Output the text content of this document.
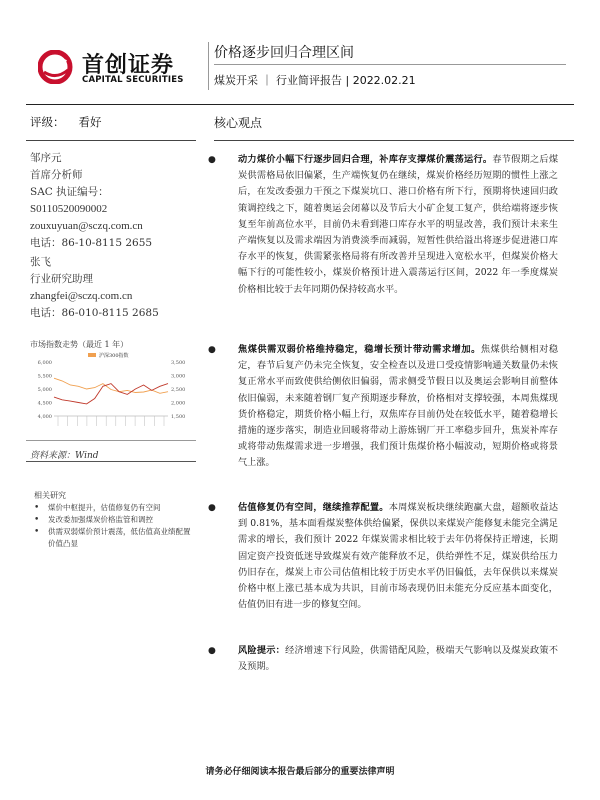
首创证券
CAPITAL SECURITIES
价格逐步回归合理区间
煤炭开采 ｜ 行业简评报告 | 2022.02.21
评级： 看好
邹序元
首席分析师
SAC 执证编号：
S0110520090002
zouxuyuan@sczq.com.cn
电话：86-10-8115 2655
张飞
行业研究助理
zhangfei@sczq.com.cn
电话：86-010-8115 2685
市场指数走势（最近 1 年）
沪深300指数
6,000
5,500
5,000
4,500
4,000
3,500
3,000
2,500
2,000
1,500
资料来源：Wind
相关研究
• 煤价中枢提升，估值修复仍有空间
• 发改委加强煤炭价格监管和调控
• 供需双弱煤价预计震荡，低估值高业绩配置价值凸显
核心观点
● 动力煤价小幅下行逐步回归合理，补库存支撑煤价震荡运行。春节假期之后煤炭供需格局依旧偏紧，生产端恢复仍在继续，煤炭价格经历短期的惯性上涨之后，在发改委强力干预之下煤炭坑口、港口价格有所下行，预期将快速回归政策调控线之下，随着奥运会闭幕以及节后大小矿企复工复产，供给端将逐步恢复至年前高位水平，目前仍未看到港口库存水平的明显改善，我们预计未来生产端恢复以及需求端因为消费淡季而减弱，短暂性供给溢出将逐步促进港口库存水平的恢复，供需紧张格局将有所改善并呈现进入宽松水平，但煤炭价格大幅下行的可能性较小，煤炭价格预计进入震荡运行区间，2022 年一季度煤炭价格相比较于去年同期仍保持较高水平。
● 焦煤供需双弱价格维持稳定，稳增长预计带动需求增加。焦煤供给侧相对稳定，春节后复产仍未完全恢复，安全检查以及进口受疫情影响通关数量仍未恢复正常水平而致使供给侧依旧偏弱，需求侧受节假日以及奥运会影响目前整体依旧偏弱，未来随着钢厂复产预期逐步释放，价格相对支撑较强，本周焦煤现货价格稳定，期货价格小幅上行，双焦库存目前仍处在较低水平，随着稳增长措施的逐步落实，制造业回暖将带动上游炼钢厂开工率稳步回升，焦炭补库存或将带动焦煤需求进一步增强，我们预计焦煤价格小幅波动，短期价格或将景气上涨。
● 估值修复仍有空间，继续推荐配置。本周煤炭板块继续跑赢大盘，超额收益达到 0.81%，基本面看煤炭整体供给偏紧，保供以来煤炭产能修复未能完全满足需求的增长，我们预计 2022 年煤炭需求相比较于去年仍将保持正增速，长期固定资产投资低迷导致煤炭有效产能释放不足，供给弹性不足，煤炭供给压力仍旧存在，煤炭上市公司估值相比较于历史水平仍旧偏低，去年保供以来煤炭价格中枢上涨已基本成为共识，目前市场表现仍旧未能充分反应基本面变化，估值仍旧有进一步的修复空间。
● 风险提示：经济增速下行风险，供需错配风险，极端天气影响以及煤炭政策不及预期。
请务必仔细阅读本报告最后部分的重要法律声明
